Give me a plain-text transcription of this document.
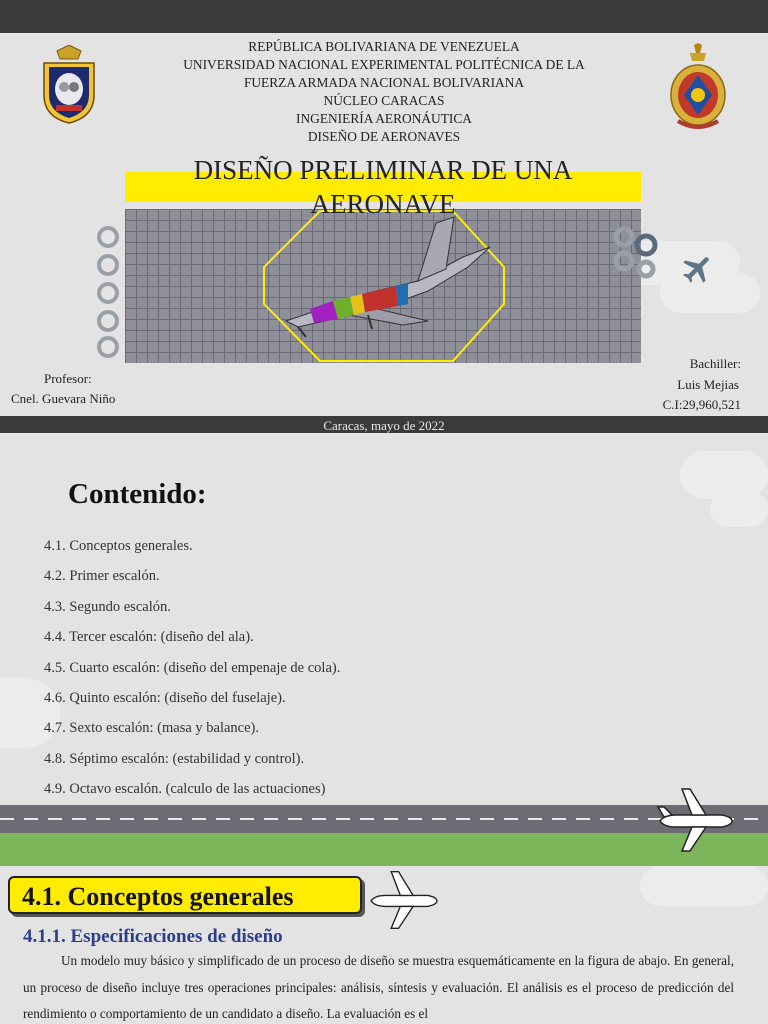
REPÚBLICA BOLIVARIANA DE VENEZUELA
UNIVERSIDAD NACIONAL EXPERIMENTAL POLITÉCNICA DE LA
FUERZA ARMADA NACIONAL BOLIVARIANA
NÚCLEO CARACAS
INGENIERÍA AERONÁUTICA
DISEÑO DE AERONAVES
DISEÑO PRELIMINAR DE UNA AERONAVE
Profesor:
Cnel. Guevara Niño
Bachiller:
Luis Mejias
C.I:29,960,521
Caracas, mayo de 2022
Contenido:
4.1. Conceptos generales.
4.2. Primer escalón.
4.3. Segundo escalón.
4.4. Tercer escalón: (diseño del ala).
4.5. Cuarto escalón: (diseño del empenaje de cola).
4.6. Quinto escalón: (diseño del fuselaje).
4.7. Sexto escalón: (masa y balance).
4.8. Séptimo escalón: (estabilidad y control).
4.9. Octavo escalón. (calculo de las actuaciones)
4.1. Conceptos generales
4.1.1. Especificaciones de diseño
Un modelo muy básico y simplificado de un proceso de diseño se muestra esquemáticamente en la figura de abajo. En general, un proceso de diseño incluye tres operaciones principales: análisis, síntesis y evaluación. El análisis es el proceso de predicción del rendimiento o comportamiento de un candidato a diseño. La evaluación es el
